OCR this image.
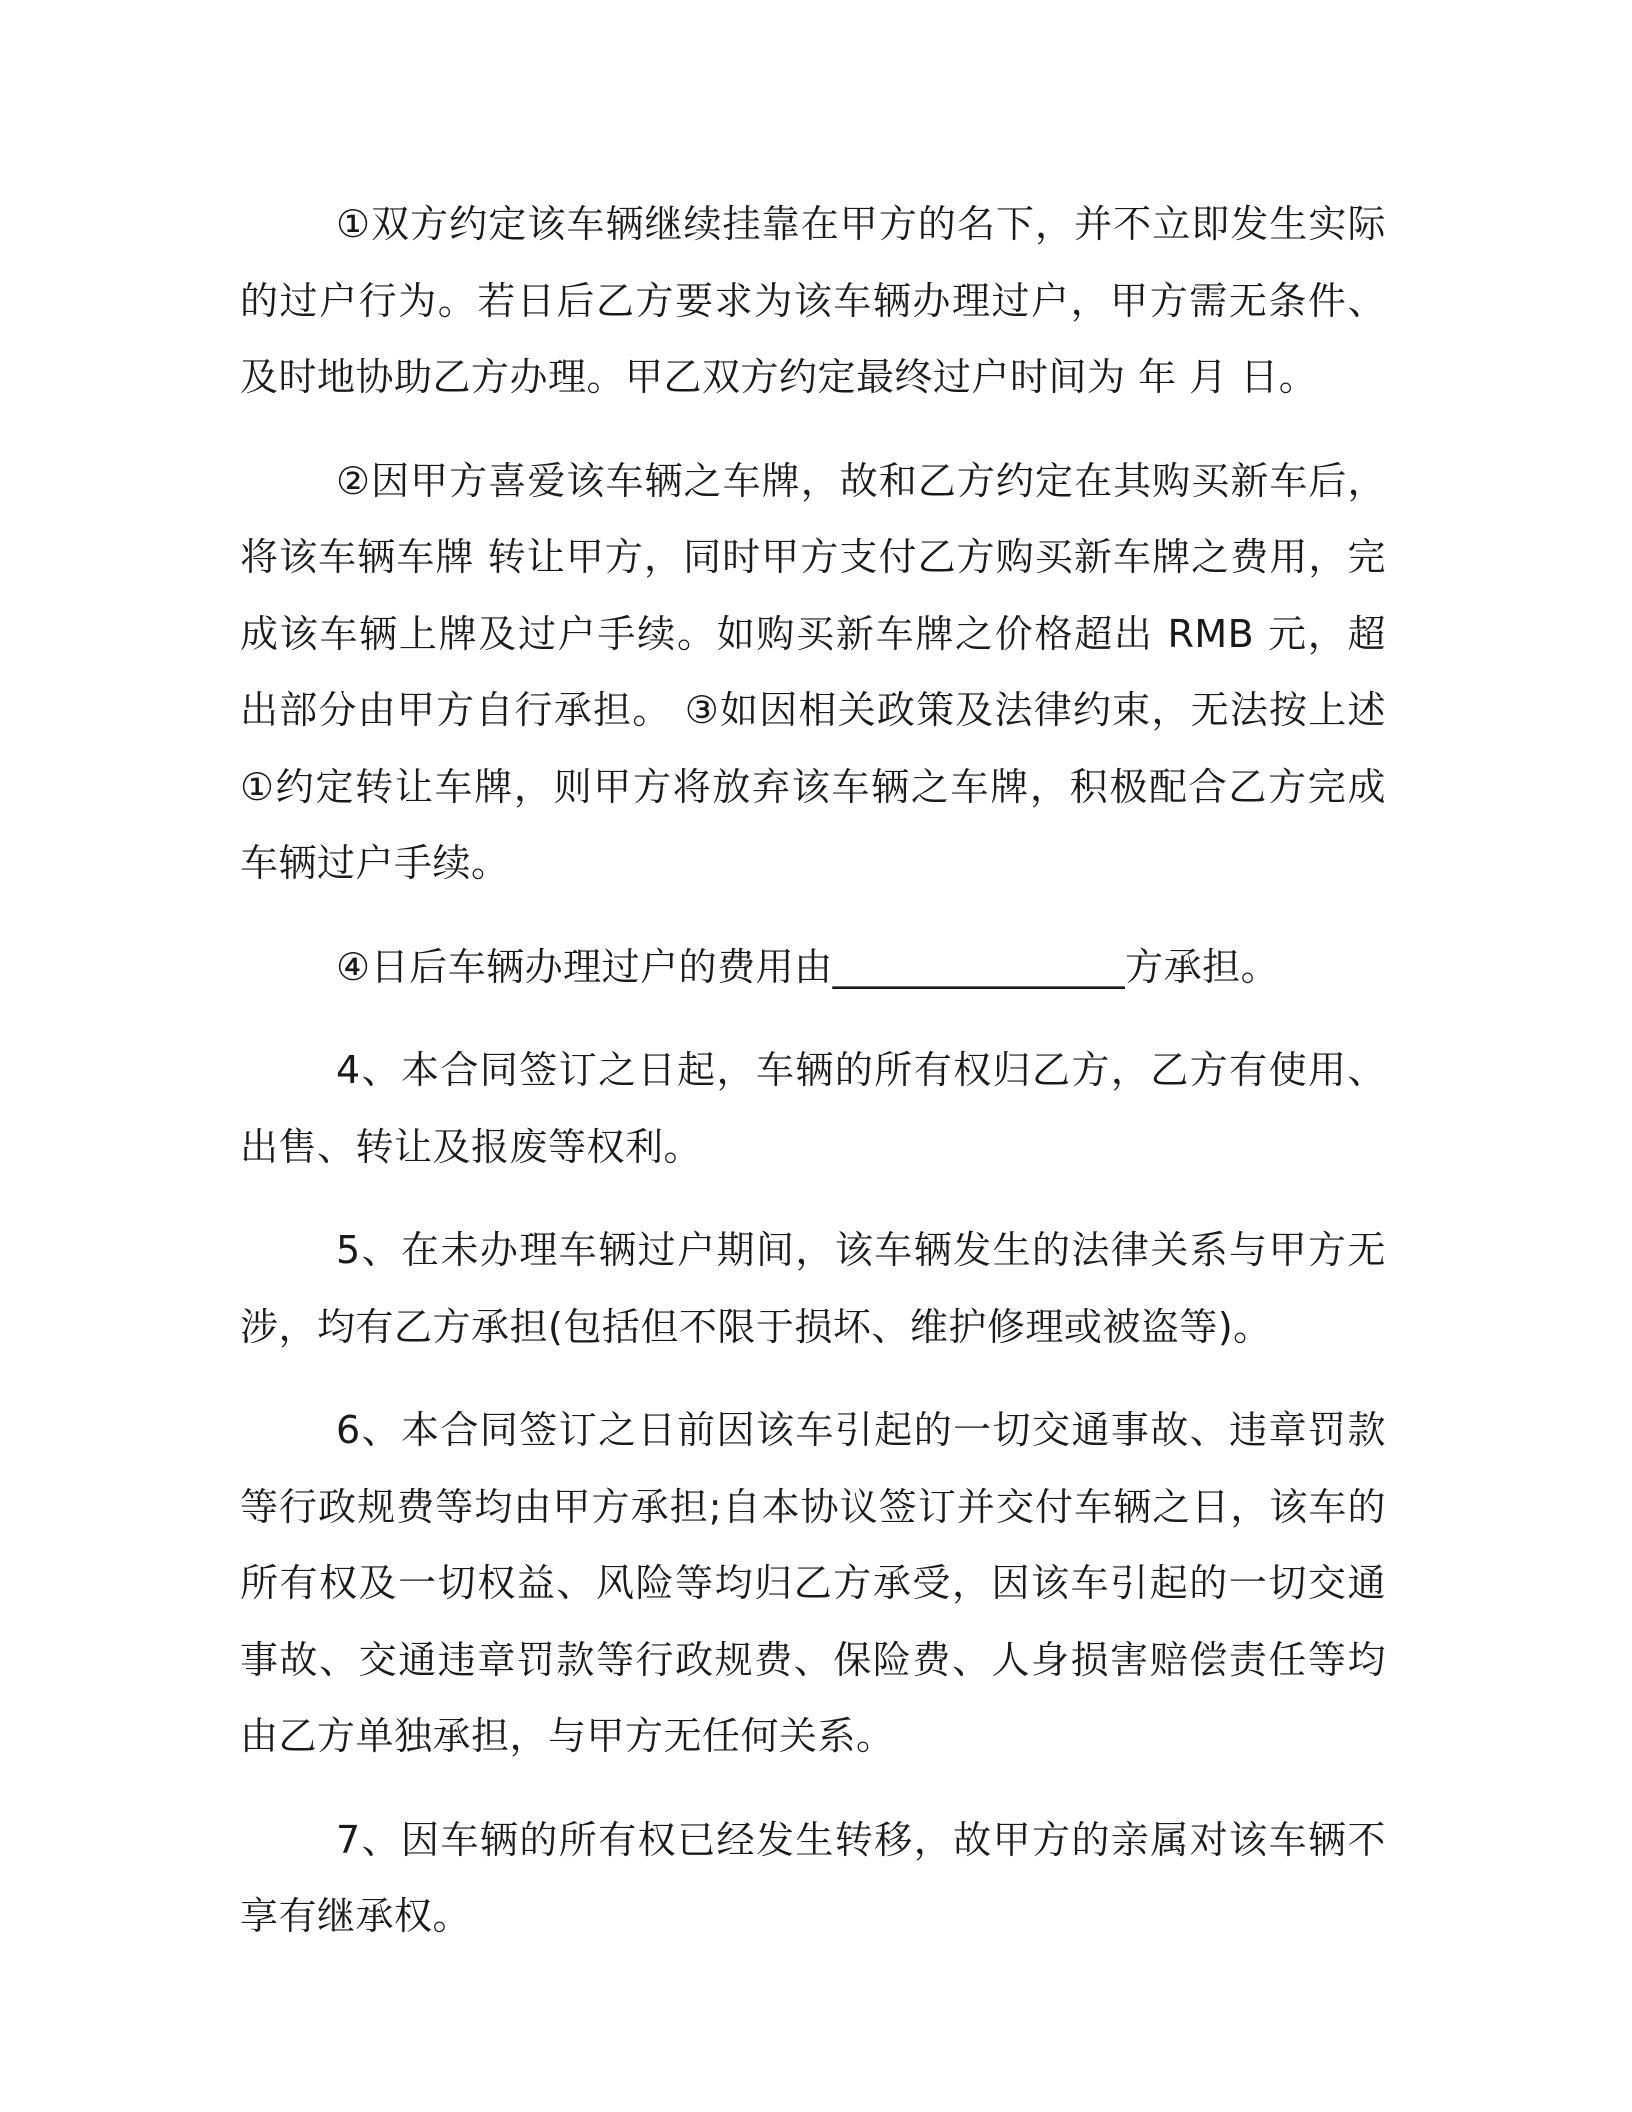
①双方约定该车辆继续挂靠在甲方的名下，并不立即发生实际的过户行为。若日后乙方要求为该车辆办理过户，甲方需无条件、及时地协助乙方办理。甲乙双方约定最终过户时间为 年 月 日。

②因甲方喜爱该车辆之车牌，故和乙方约定在其购买新车后，将该车辆车牌 转让甲方，同时甲方支付乙方购买新车牌之费用，完成该车辆上牌及过户手续。如购买新车牌之价格超出 RMB 元，超出部分由甲方自行承担。 ③如因相关政策及法律约束，无法按上述①约定转让车牌，则甲方将放弃该车辆之车牌，积极配合乙方完成车辆过户手续。

④日后车辆办理过户的费用由_______________方承担。

4、本合同签订之日起，车辆的所有权归乙方，乙方有使用、出售、转让及报废等权利。

5、在未办理车辆过户期间，该车辆发生的法律关系与甲方无涉，均有乙方承担(包括但不限于损坏、维护修理或被盗等)。

6、本合同签订之日前因该车引起的一切交通事故、违章罚款等行政规费等均由甲方承担;自本协议签订并交付车辆之日，该车的所有权及一切权益、风险等均归乙方承受，因该车引起的一切交通事故、交通违章罚款等行政规费、保险费、人身损害赔偿责任等均由乙方单独承担，与甲方无任何关系。

7、因车辆的所有权已经发生转移，故甲方的亲属对该车辆不享有继承权。
